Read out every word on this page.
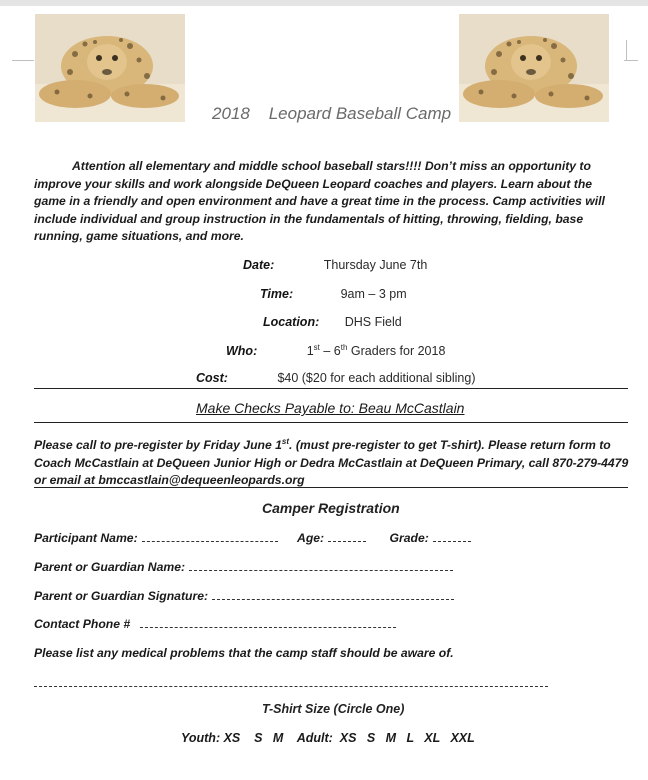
2018    Leopard Baseball Camp
Attention all elementary and middle school baseball stars!!!! Don’t miss an opportunity to improve your skills and work alongside DeQueen Leopard coaches and players. Learn about the game in a friendly and open environment and have a great time in the process. Camp activities will include individual and group instruction in the fundamentals of hitting, throwing, fielding, base running, game situations, and more.
Date:	Thursday June 7th
Time:	9am – 3 pm
Location: DHS Field
Who:	1st – 6th Graders for 2018
Cost:	$40 ($20 for each additional sibling)
Make Checks Payable to: Beau McCastlain
Please call to pre-register by Friday June 1st. (must pre-register to get T-shirt). Please return form to Coach McCastlain at DeQueen Junior High or Dedra McCastlain at DeQueen Primary, call 870-279-4479 or email at bmccastlain@dequeenleopards.org
Camper Registration
Participant Name:	Age:	Grade:
Parent or Guardian Name:
Parent or Guardian Signature:
Contact Phone #
Please list any medical problems that the camp staff should be aware of.
T-Shirt Size (Circle One)
Youth: XS    S   M    Adult:  XS   S   M   L   XL   XXL
